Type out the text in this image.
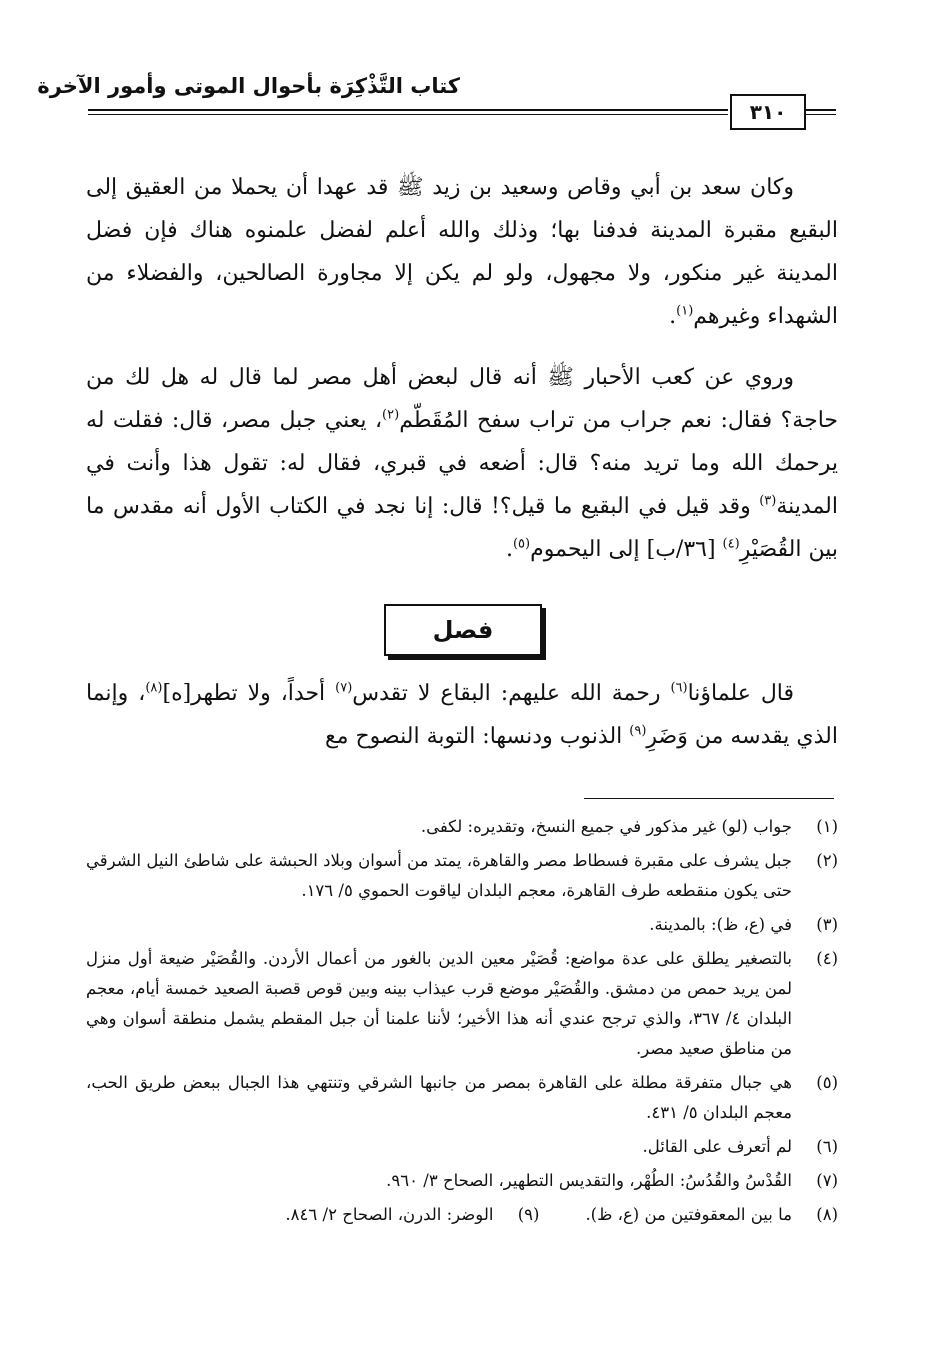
كتاب التَّذْكِرَة بأحوال الموتى وأمور الآخرة
٣١٠
وكان سعد بن أبي وقاص وسعيد بن زيد ﷺ قد عهدا أن يحملا من العقيق إلى البقيع مقبرة المدينة فدفنا بها؛ وذلك والله أعلم لفضل علمنوه هناك فإن فضل المدينة غير منكور، ولا مجهول، ولو لم يكن إلا مجاورة الصالحين، والفضلاء من الشهداء وغيرهم$^{(١)}$.
وروي عن كعب الأحبار ﷺ أنه قال لبعض أهل مصر لما قال له هل لك من حاجة؟ فقال: نعم جراب من تراب سفح المُقَطّم$^{(٢)}$، يعني جبل مصر، قال: فقلت له يرحمك الله وما تريد منه؟ قال: أضعه في قبري، فقال له: تقول هذا وأنت في المدينة$^{(٣)}$ وقد قيل في البقيع ما قيل؟! قال: إنا نجد في الكتاب الأول أنه مقدس ما بين القُصَيْرِ$^{(٤)}$ [٣٦/ب] إلى اليحموم$^{(٥)}$.
فصل
قال علماؤنا$^{(٦)}$ رحمة الله عليهم: البقاع لا تقدس$^{(٧)}$ أحداً، ولا تطهر[ه]$^{(٨)}$، وإنما الذي يقدسه من وَضَرِ$^{(٩)}$ الذنوب ودنسها: التوبة النصوح مع
(١)
جواب (لو) غير مذكور في جميع النسخ، وتقديره: لكفى.
(٢)
جبل يشرف على مقبرة فسطاط مصر والقاهرة، يمتد من أسوان وبلاد الحبشة على شاطئ النيل الشرقي حتى يكون منقطعه طرف القاهرة، معجم البلدان لياقوت الحموي ٥/ ١٧٦.
(٣)
في (ع، ظ): بالمدينة.
(٤)
بالتصغير يطلق على عدة مواضع: قُصَيْر معين الدين بالغور من أعمال الأردن. والقُصَيْر ضيعة أول منزل لمن يريد حمص من دمشق. والقُصَيْر موضع قرب عيذاب بينه وبين قوص قصبة الصعيد خمسة أيام، معجم البلدان ٤/ ٣٦٧، والذي ترجح عندي أنه هذا الأخير؛ لأننا علمنا أن جبل المقطم يشمل منطقة أسوان وهي من مناطق صعيد مصر.
(٥)
هي جبال متفرقة مطلة على القاهرة بمصر من جانبها الشرقي وتنتهي هذا الجبال ببعض طريق الحب، معجم البلدان ٥/ ٤٣١.
(٦)
لم أتعرف على القائل.
(٧)
القُدْسُ والقُدُسُ: الطُهْر، والتقديس التطهير، الصحاح ٣/ ٩٦٠.
(٨)
ما بين المعقوفتين من (ع، ظ).
(٩)
الوضر: الدرن، الصحاح ٢/ ٨٤٦.
